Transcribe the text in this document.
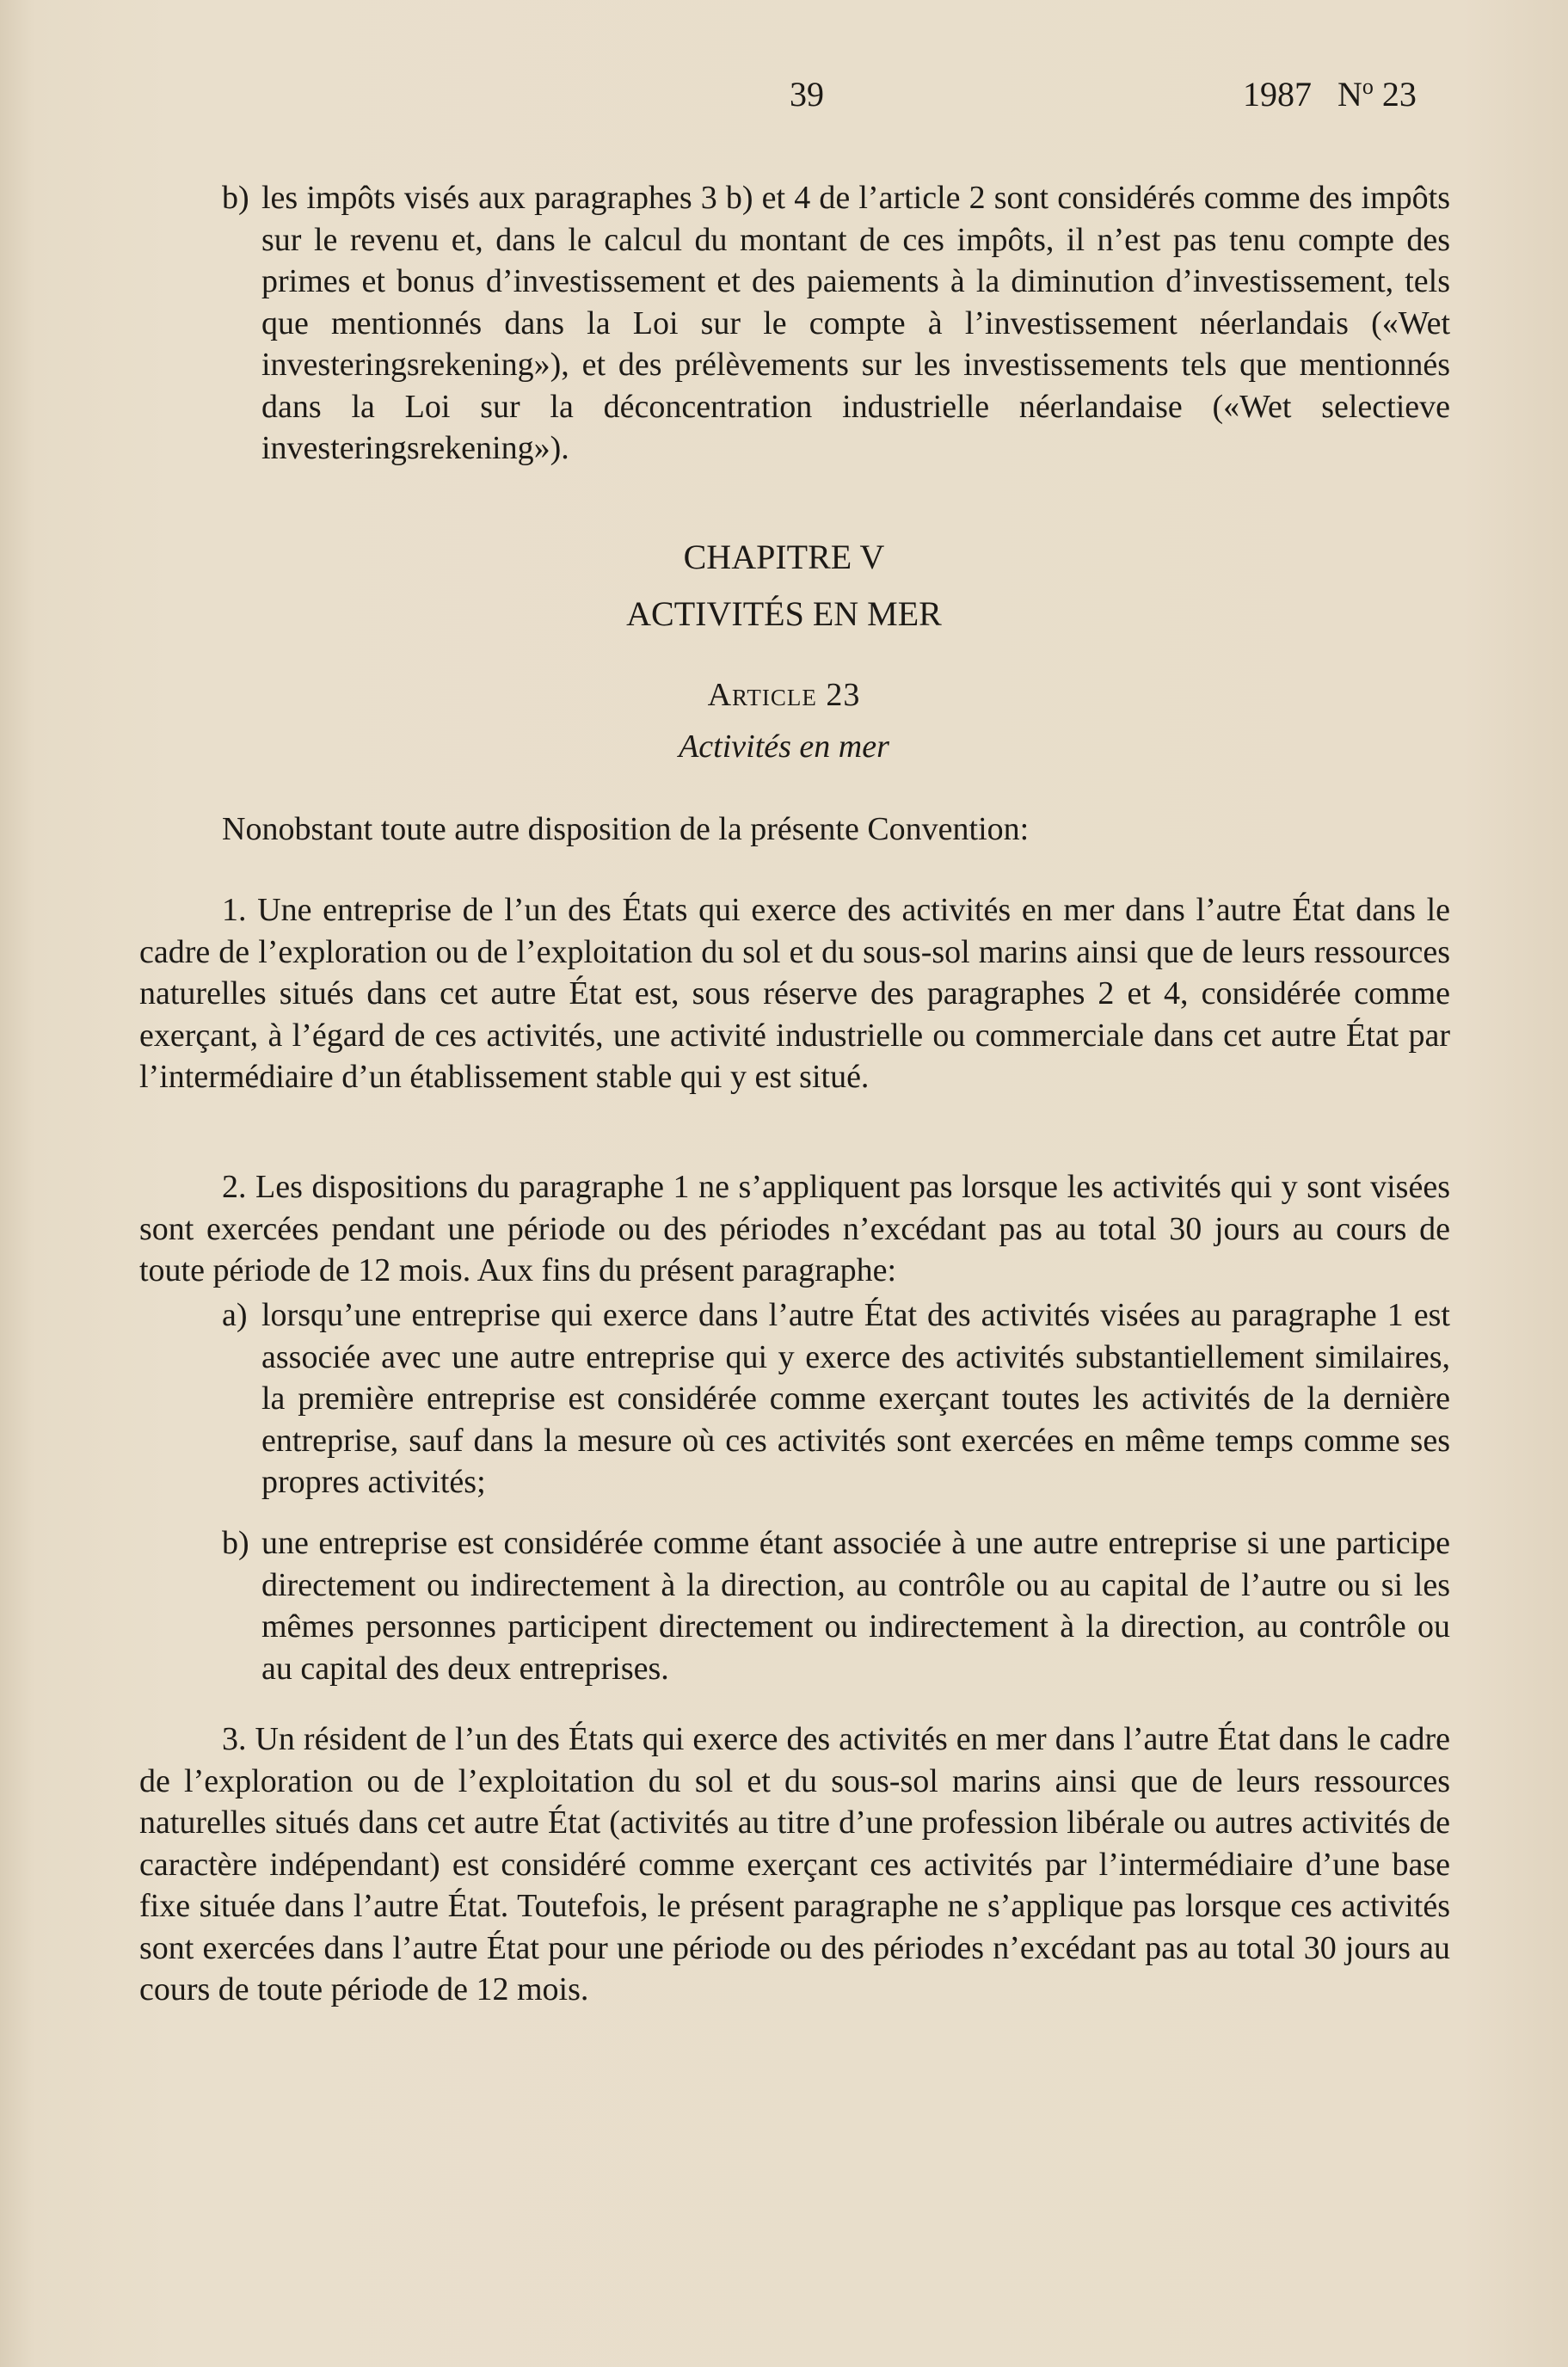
39	1987 $N^o$ 23
b) les impôts visés aux paragraphes 3 b) et 4 de l’article 2 sont considérés comme des impôts sur le revenu et, dans le calcul du montant de ces impôts, il n’est pas tenu compte des primes et bonus d’investissement et des paiements à la diminution d’investissement, tels que mentionnés dans la Loi sur le compte à l’investissement néerlandais («Wet investeringsrekening»), et des prélèvements sur les investissements tels que mentionnés dans la Loi sur la déconcentration industrielle néerlandaise («Wet selectieve investeringsrekening»).
CHAPITRE V
ACTIVITÉS EN MER
Article 23
Activités en mer
Nonobstant toute autre disposition de la présente Convention:
1. Une entreprise de l’un des États qui exerce des activités en mer dans l’autre État dans le cadre de l’exploration ou de l’exploitation du sol et du sous-sol marins ainsi que de leurs ressources naturelles situés dans cet autre État est, sous réserve des paragraphes 2 et 4, considérée comme exerçant, à l’égard de ces activités, une activité industrielle ou commerciale dans cet autre État par l’intermédiaire d’un établissement stable qui y est situé.
2. Les dispositions du paragraphe 1 ne s’appliquent pas lorsque les activités qui y sont visées sont exercées pendant une période ou des périodes n’excédant pas au total 30 jours au cours de toute période de 12 mois. Aux fins du présent paragraphe:
a) lorsqu’une entreprise qui exerce dans l’autre État des activités visées au paragraphe 1 est associée avec une autre entreprise qui y exerce des activités substantiellement similaires, la première entreprise est considérée comme exerçant toutes les activités de la dernière entreprise, sauf dans la mesure où ces activités sont exercées en même temps comme ses propres activités;
b) une entreprise est considérée comme étant associée à une autre entreprise si une participe directement ou indirectement à la direction, au contrôle ou au capital de l’autre ou si les mêmes personnes participent directement ou indirectement à la direction, au contrôle ou au capital des deux entreprises.
3. Un résident de l’un des États qui exerce des activités en mer dans l’autre État dans le cadre de l’exploration ou de l’exploitation du sol et du sous-sol marins ainsi que de leurs ressources naturelles situés dans cet autre État (activités au titre d’une profession libérale ou autres activités de caractère indépendant) est considéré comme exerçant ces activités par l’intermédiaire d’une base fixe située dans l’autre État. Toutefois, le présent paragraphe ne s’applique pas lorsque ces activités sont exercées dans l’autre État pour une période ou des périodes n’excédant pas au total 30 jours au cours de toute période de 12 mois.
